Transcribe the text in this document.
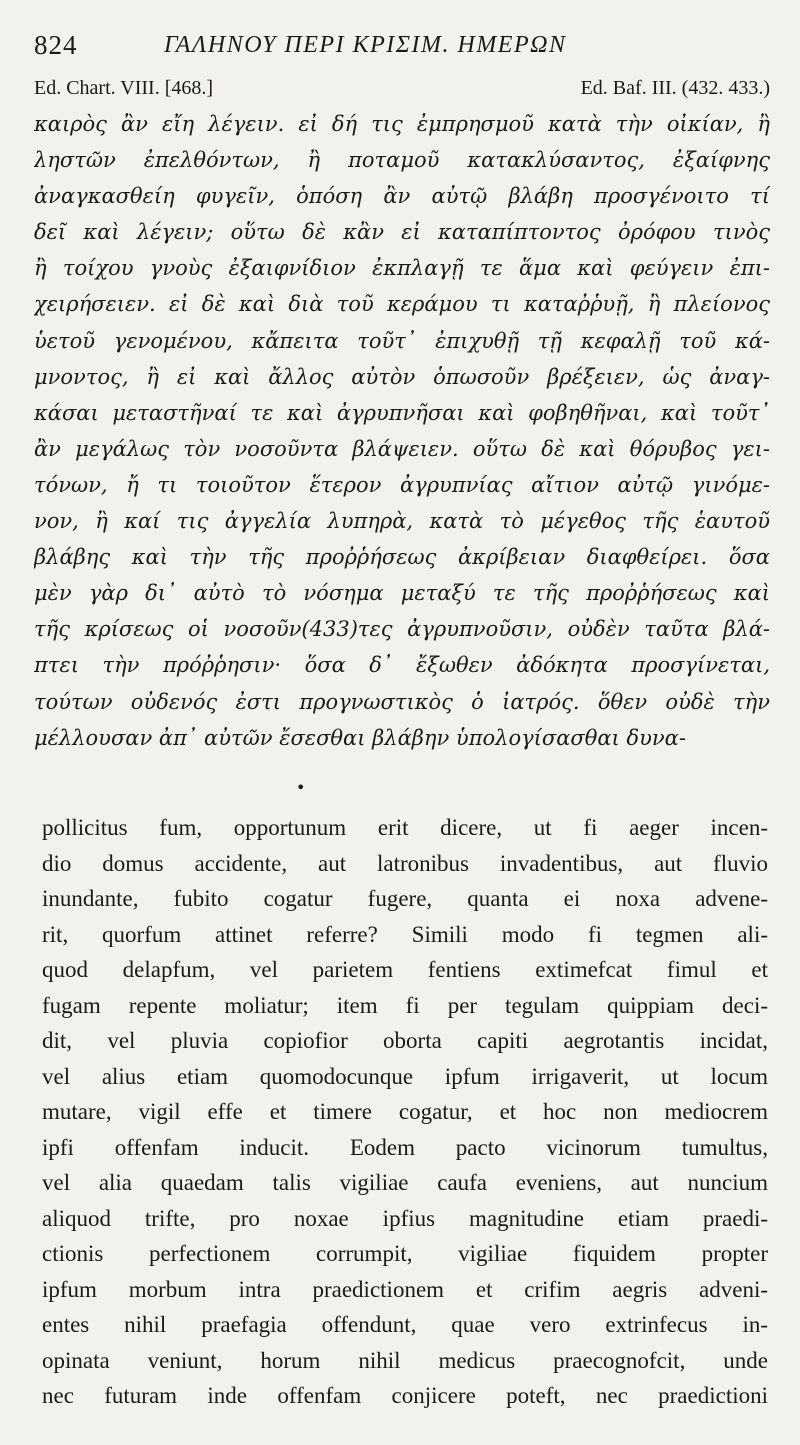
824	ΓΑΛΗΝΟΥ ΠΕΡΙ ΚΡΙΣΙΜ. ΗΜΕΡΩΝ
Ed. Chart. VIII. [468.]	Ed. Baf. III. (432. 433.)
καιρὸς ἂν εἴη λέγειν. εἰ δή τις ἐμπρησμοῦ κατὰ τὴν οἰκίαν, ἢ
ληστῶν ἐπελθόντων, ἢ ποταμοῦ κατακλύσαντος, ἐξαίφνης
ἀναγκασθείη φυγεῖν, ὁπόση ἂν αὐτῷ βλάβη προσγένοιτο τί
δεῖ καὶ λέγειν; οὕτω δὲ κἂν εἰ καταπίπτοντος ὀρόφου τινὸς
ἢ τοίχου γνοὺς ἐξαιφνίδιον ἐκπλαγῇ τε ἅμα καὶ φεύγειν ἐπι-
χειρήσειεν. εἰ δὲ καὶ διὰ τοῦ κεράμου τι καταῤῥυῇ, ἢ πλείονος
ὑετοῦ γενομένου, κἄπειτα τοῦτ᾽ ἐπιχυθῇ τῇ κεφαλῇ τοῦ κά-
μνοντος, ἢ εἰ καὶ ἄλλος αὐτὸν ὁπωσοῦν βρέξειεν, ὡς ἀναγ-
κάσαι μεταστῆναί τε καὶ ἀγρυπνῆσαι καὶ φοβηθῆναι, καὶ τοῦτ᾽
ἂν μεγάλως τὸν νοσοῦντα βλάψειεν. οὕτω δὲ καὶ θόρυβος γει-
τόνων, ἤ τι τοιοῦτον ἕτερον ἀγρυπνίας αἴτιον αὐτῷ γινόμε-
νον, ἢ καί τις ἀγγελία λυπηρὰ, κατὰ τὸ μέγεθος τῆς ἑαυτοῦ
βλάβης καὶ τὴν τῆς προῤῥήσεως ἀκρίβειαν διαφθείρει. ὅσα
μὲν γὰρ δι᾽ αὐτὸ τὸ νόσημα μεταξύ τε τῆς προῤῥήσεως καὶ
τῆς κρίσεως οἱ νοσοῦν(433)τες ἀγρυπνοῦσιν, οὐδὲν ταῦτα βλά-
πτει τὴν πρόῤῥησιν· ὅσα δ᾽ ἔξωθεν ἀδόκητα προσγίνεται,
τούτων οὐδενός ἐστι προγνωστικὸς ὁ ἰατρός. ὅθεν οὐδὲ τὴν
μέλλουσαν ἀπ᾽ αὐτῶν ἔσεσθαι βλάβην ὑπολογίσασθαι δυνα-
•
pollicitus fum, opportunum erit dicere, ut fi aeger incen-
dio domus accidente, aut latronibus invadentibus, aut fluvio
inundante, fubito cogatur fugere, quanta ei noxa advene-
rit, quorfum attinet referre? Simili modo fi tegmen ali-
quod delapfum, vel parietem fentiens extimefcat fimul et
fugam repente moliatur; item fi per tegulam quippiam deci-
dit, vel pluvia copiofior oborta capiti aegrotantis incidat,
vel alius etiam quomodocunque ipfum irrigaverit, ut locum
mutare, vigil effe et timere cogatur, et hoc non mediocrem
ipfi offenfam inducit. Eodem pacto vicinorum tumultus,
vel alia quaedam talis vigiliae caufa eveniens, aut nuncium
aliquod trifte, pro noxae ipfius magnitudine etiam praedi-
ctionis perfectionem corrumpit, vigiliae fiquidem propter
ipfum morbum intra praedictionem et crifim aegris adveni-
entes nihil praefagia offendunt, quae vero extrinfecus in-
opinata veniunt, horum nihil medicus praecognofcit, unde
nec futuram inde offenfam conjicere poteft, nec praedictioni
